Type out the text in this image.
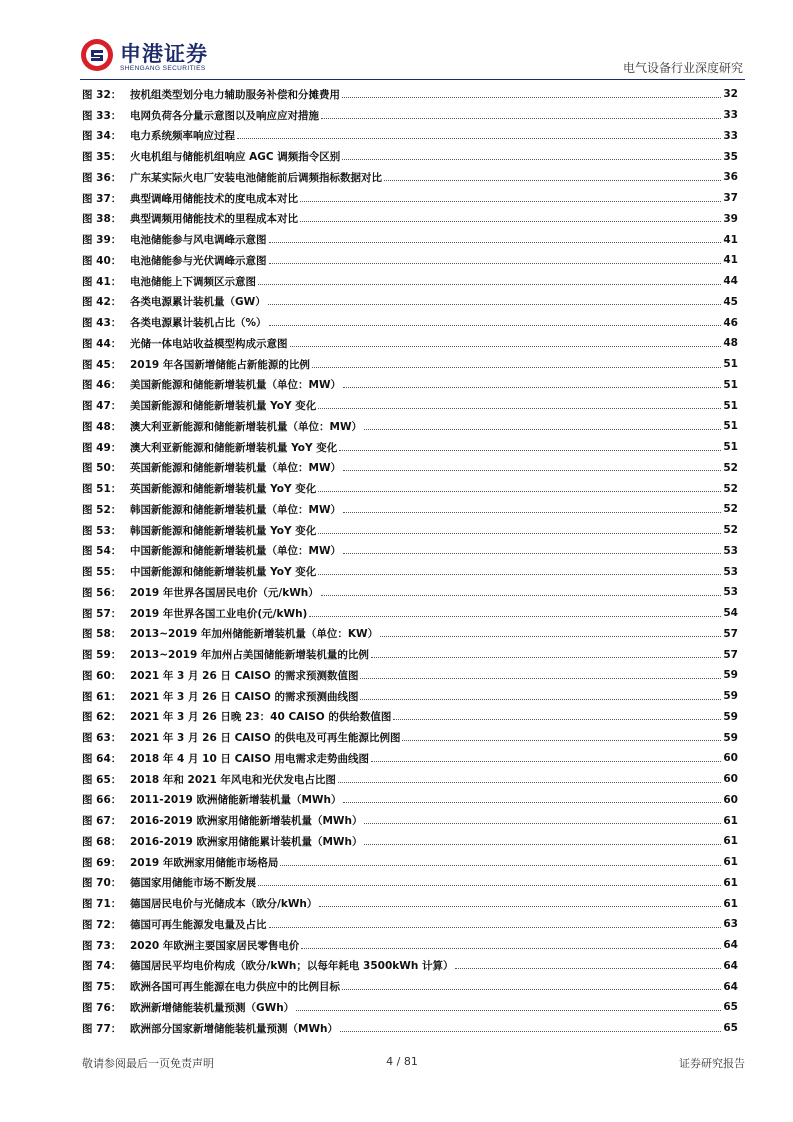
申港证券
SHENGANG SECURITIES	电气设备行业深度研究
图 32： 按机组类型划分电力辅助服务补偿和分摊费用	32
图 33： 电网负荷各分量示意图以及响应应对措施	33
图 34： 电力系统频率响应过程	33
图 35： 火电机组与储能机组响应 AGC 调频指令区别	35
图 36： 广东某实际火电厂安装电池储能前后调频指标数据对比	36
图 37： 典型调峰用储能技术的度电成本对比	37
图 38： 典型调频用储能技术的里程成本对比	39
图 39： 电池储能参与风电调峰示意图	41
图 40： 电池储能参与光伏调峰示意图	41
图 41： 电池储能上下调频区示意图	44
图 42： 各类电源累计装机量（GW）	45
图 43： 各类电源累计装机占比（%）	46
图 44： 光储一体电站收益模型构成示意图	48
图 45： 2019 年各国新增储能占新能源的比例	51
图 46： 美国新能源和储能新增装机量（单位：MW）	51
图 47： 美国新能源和储能新增装机量 YoY 变化	51
图 48： 澳大利亚新能源和储能新增装机量（单位：MW）	51
图 49： 澳大利亚新能源和储能新增装机量 YoY 变化	51
图 50： 英国新能源和储能新增装机量（单位：MW）	52
图 51： 英国新能源和储能新增装机量 YoY 变化	52
图 52： 韩国新能源和储能新增装机量（单位：MW）	52
图 53： 韩国新能源和储能新增装机量 YoY 变化	52
图 54： 中国新能源和储能新增装机量（单位：MW）	53
图 55： 中国新能源和储能新增装机量 YoY 变化	53
图 56： 2019 年世界各国居民电价（元/kWh）	53
图 57： 2019 年世界各国工业电价(元/kWh)	54
图 58： 2013~2019 年加州储能新增装机量（单位：KW）	57
图 59： 2013~2019 年加州占美国储能新增装机量的比例	57
图 60： 2021 年 3 月 26 日 CAISO 的需求预测数值图	59
图 61： 2021 年 3 月 26 日 CAISO 的需求预测曲线图	59
图 62： 2021 年 3 月 26 日晚 23：40 CAISO 的供给数值图	59
图 63： 2021 年 3 月 26 日 CAISO 的供电及可再生能源比例图	59
图 64： 2018 年 4 月 10 日 CAISO 用电需求走势曲线图	60
图 65： 2018 年和 2021 年风电和光伏发电占比图	60
图 66： 2011-2019 欧洲储能新增装机量（MWh）	60
图 67： 2016-2019 欧洲家用储能新增装机量（MWh）	61
图 68： 2016-2019 欧洲家用储能累计装机量（MWh）	61
图 69： 2019 年欧洲家用储能市场格局	61
图 70： 德国家用储能市场不断发展	61
图 71： 德国居民电价与光储成本（欧分/kWh）	61
图 72： 德国可再生能源发电量及占比	63
图 73： 2020 年欧洲主要国家居民零售电价	64
图 74： 德国居民平均电价构成（欧分/kWh；以每年耗电 3500kWh 计算）	64
图 75： 欧洲各国可再生能源在电力供应中的比例目标	64
图 76： 欧洲新增储能装机量预测（GWh）	65
图 77： 欧洲部分国家新增储能装机量预测（MWh）	65
敬请参阅最后一页免责声明	4 / 81	证券研究报告
